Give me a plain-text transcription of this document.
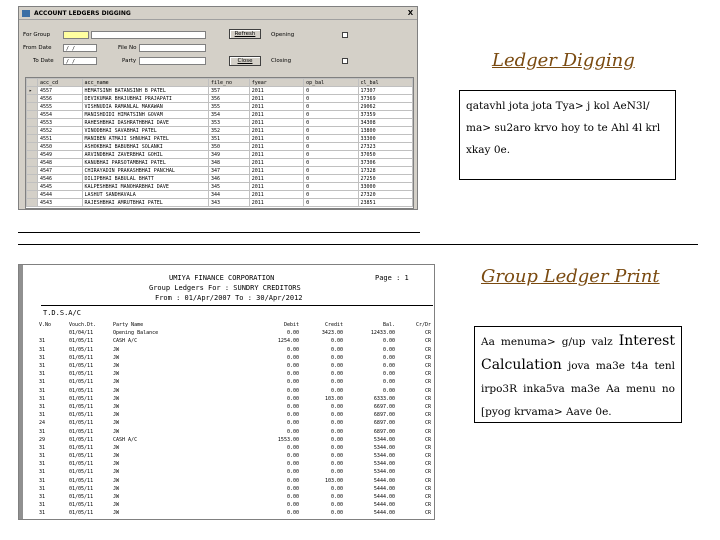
ACCOUNT LEDGERS DIGGING	X
For Group
From Date	/ /	File No
To Date	/ /	Party
Refresh
Close
Opening
Closing
	acc_cd	acc_name	file_no	fyear	op_bal	cl_bal
▸	4557	HEMATSINH BATANSINH B PATEL	357	2011	0	17307
	4556	DEVIKUMAR BHAJUBHAI PRAJAPATI	356	2011	0	37369
	4555	VISHNUDIA RAMANLAL MAKAWAN	355	2011	0	29062
	4554	MANISHDIDI HIMATSINH GOVAM	354	2011	0	37359
	4553	RAHESHBHAI DASHRATHBHAI DAVE	353	2011	0	34308
	4552	VINODBHAI SAVABHAI PATEL	352	2011	0	13800
	4551	MANIBEN ATMAJI SHNUHAI PATEL	351	2011	0	33300
	4550	ASHOKBHAI BABUBHAI SOLANKI	350	2011	0	27323
	4549	ARVINDBHAI ZAVERBHAI GOHIL	349	2011	0	37050
	4548	KANUBHAI PARSOTAMBHAI PATEL	348	2011	0	37306
	4547	CHIRAYADIN PRAKASHBHAI PANCHAL	347	2011	0	17328
	4546	DILIPBHAI BABULAL BHATT	346	2011	0	27250
	4545	KALPESHBHAI MANOHARBHAI DAVE	345	2011	0	33000
	4544	LASHUT SANDHAVALA	344	2011	0	27320
	4543	RAJESHBHAI AMRUTBHAI PATEL	343	2011	0	23851
Ledger Digging
qatavhl jota jota Tya> j kol AeN3l/ ma> su2aro krvo hoy to te Ahl 4l krl xkay 0e.
Group Ledger Print
Aa menuma> g/up valz Interest Calculation jova ma3e t4a tenl irpo3R inka5va ma3e Aa menu no [pyog krvama> Aave 0e.
UMIYA FINANCE CORPORATION
Group Ledgers For : SUNDRY CREDITORS
From : 01/Apr/2007 To : 30/Apr/2012
Page : 1
T.D.S.A/C
V.No	Vouch.Dt.	Party Name	Debit	Credit	Bal.	Cr/Dr
	01/04/11	Opening Balance	0.00	3423.00	12433.00	CR
31	01/05/11	CASH A/C	1254.00	0.00	0.00	CR
31	01/05/11	JW	0.00	0.00	0.00	CR
31	01/05/11	JW	0.00	0.00	0.00	CR
31	01/05/11	JW	0.00	0.00	0.00	CR
31	01/05/11	JW	0.00	0.00	0.00	CR
31	01/05/11	JW	0.00	0.00	0.00	CR
31	01/05/11	JW	0.00	0.00	0.00	CR
31	01/05/11	JW	0.00	103.00	6333.00	CR
31	01/05/11	JW	0.00	0.00	6697.00	CR
31	01/05/11	JW	0.00	0.00	6897.00	CR
24	01/05/11	JW	0.00	0.00	6897.00	CR
31	01/05/11	JW	0.00	0.00	6897.00	CR
29	01/05/11	CASH A/C	1553.00	0.00	5344.00	CR
31	01/05/11	JW	0.00	0.00	5344.00	CR
31	01/05/11	JW	0.00	0.00	5344.00	CR
31	01/05/11	JW	0.00	0.00	5344.00	CR
31	01/05/11	JW	0.00	0.00	5344.00	CR
31	01/05/11	JW	0.00	103.00	5444.00	CR
31	01/05/11	JW	0.00	0.00	5444.00	CR
31	01/05/11	JW	0.00	0.00	5444.00	CR
31	01/05/11	JW	0.00	0.00	5444.00	CR
31	01/05/11	JW	0.00	0.00	5444.00	CR
